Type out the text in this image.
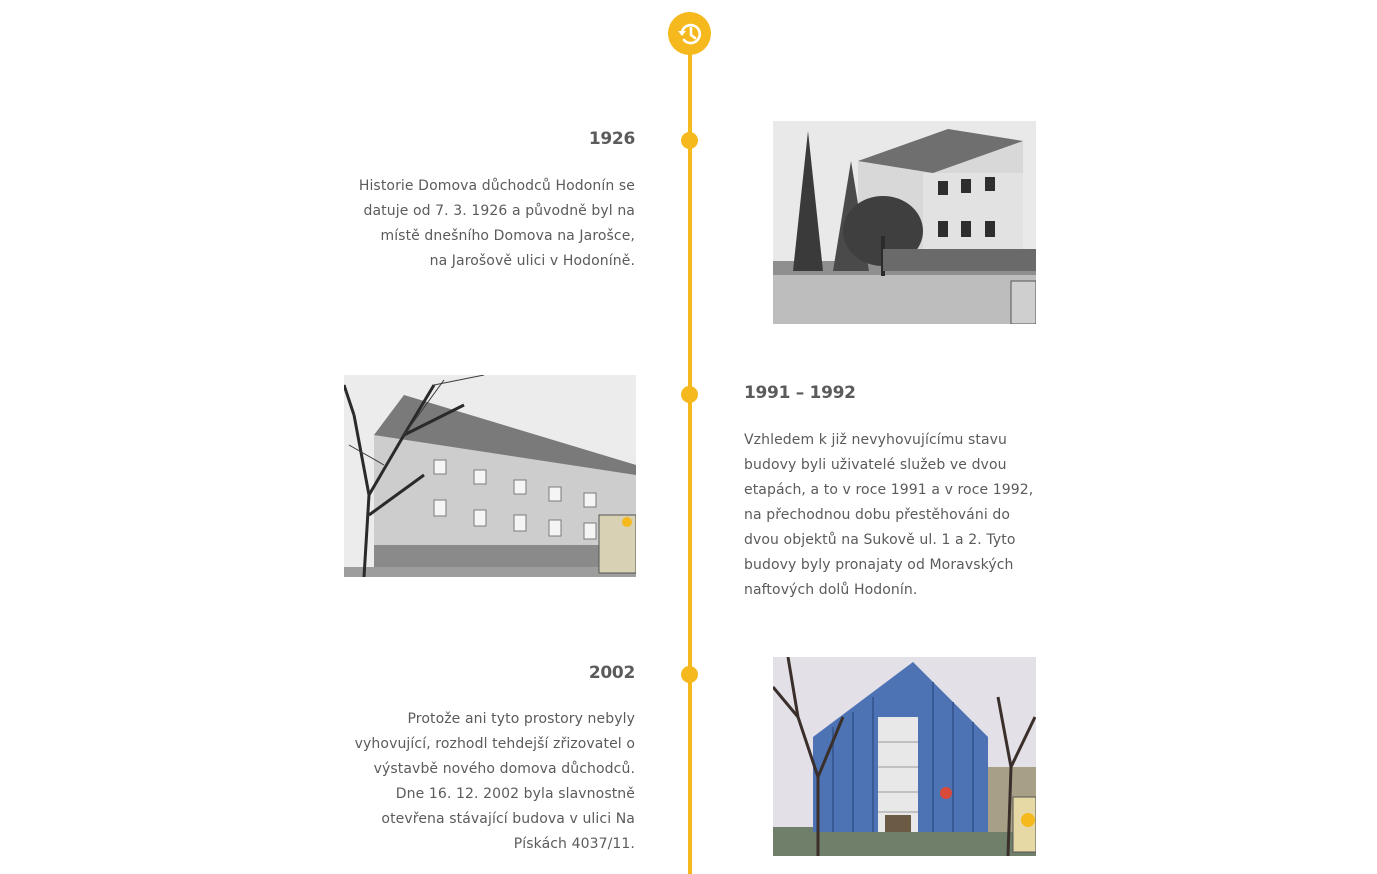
1926
Historie Domova důchodců Hodonín se
datuje od 7. 3. 1926 a původně byl na
místě dnešního Domova na Jarošce,
na Jarošově ulici v Hodoníně.
1991 – 1992
Vzhledem k již nevyhovujícímu stavu
budovy byli uživatelé služeb ve dvou
etapách, a to v roce 1991 a v roce 1992,
na přechodnou dobu přestěhováni do
dvou objektů na Sukově ul. 1 a 2. Tyto
budovy byly pronajaty od Moravských
naftových dolů Hodonín.
2002
Protože ani tyto prostory nebyly
vyhovující, rozhodl tehdejší zřizovatel o
výstavbě nového domova důchodců.
Dne 16. 12. 2002 byla slavnostně
otevřena stávající budova v ulici Na
Pískách 4037/11.
